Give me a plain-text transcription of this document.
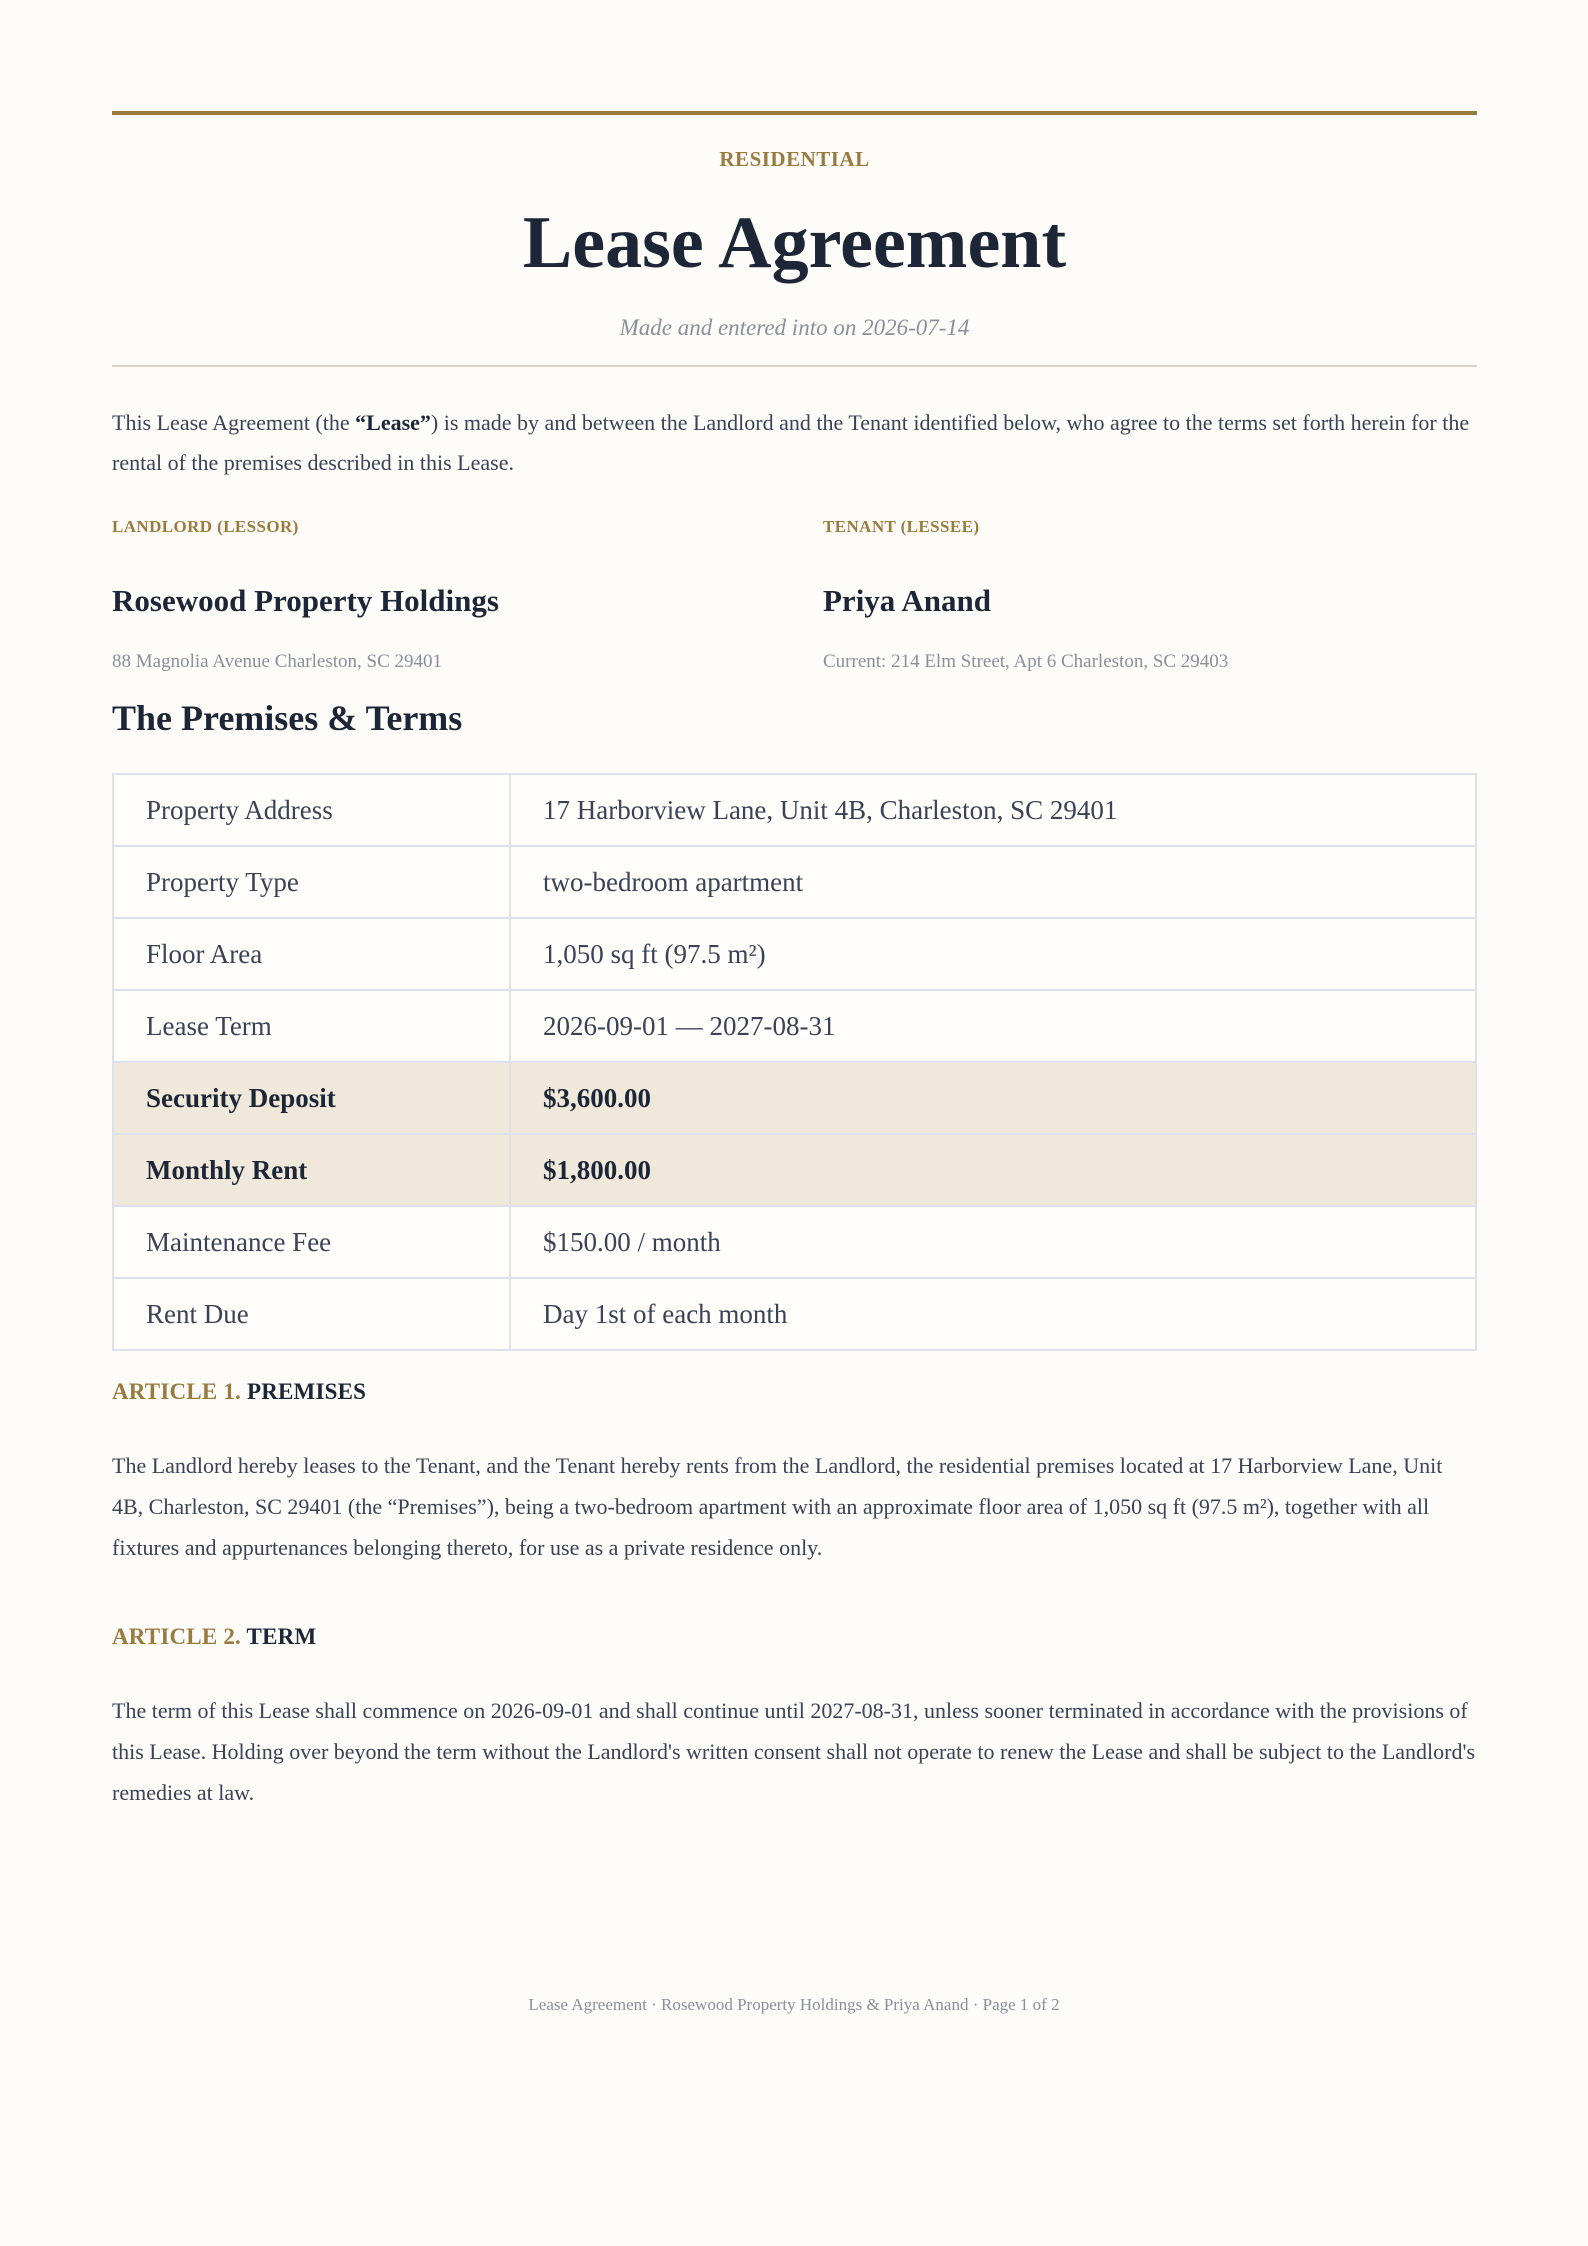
RESIDENTIAL
Lease Agreement
Made and entered into on 2026-07-14

This Lease Agreement (the “Lease”) is made by and between the Landlord and the Tenant identified below, who agree to the terms set forth herein for the rental of the premises described in this Lease.

LANDLORD (LESSOR)
Rosewood Property Holdings
88 Magnolia Avenue Charleston, SC 29401
TENANT (LESSEE)
Priya Anand
Current: 214 Elm Street, Apt 6 Charleston, SC 29403
The Premises & Terms
Property Address	17 Harborview Lane, Unit 4B, Charleston, SC 29401
Property Type	two-bedroom apartment
Floor Area	1,050 sq ft (97.5 m²)
Lease Term	2026-09-01 — 2027-08-31
Security Deposit	$3,600.00
Monthly Rent	$1,800.00
Maintenance Fee	$150.00 / month
Rent Due	Day 1st of each month
ARTICLE 1. PREMISES
The Landlord hereby leases to the Tenant, and the Tenant hereby rents from the Landlord, the residential premises located at 17 Harborview Lane, Unit 4B, Charleston, SC 29401 (the “Premises”), being a two-bedroom apartment with an approximate floor area of 1,050 sq ft (97.5 m²), together with all fixtures and appurtenances belonging thereto, for use as a private residence only.
ARTICLE 2. TERM
The term of this Lease shall commence on 2026-09-01 and shall continue until 2027-08-31, unless sooner terminated in accordance with the provisions of this Lease. Holding over beyond the term without the Landlord's written consent shall not operate to renew the Lease and shall be subject to the Landlord's remedies at law.
Lease Agreement · Rosewood Property Holdings & Priya Anand · Page 1 of 2
